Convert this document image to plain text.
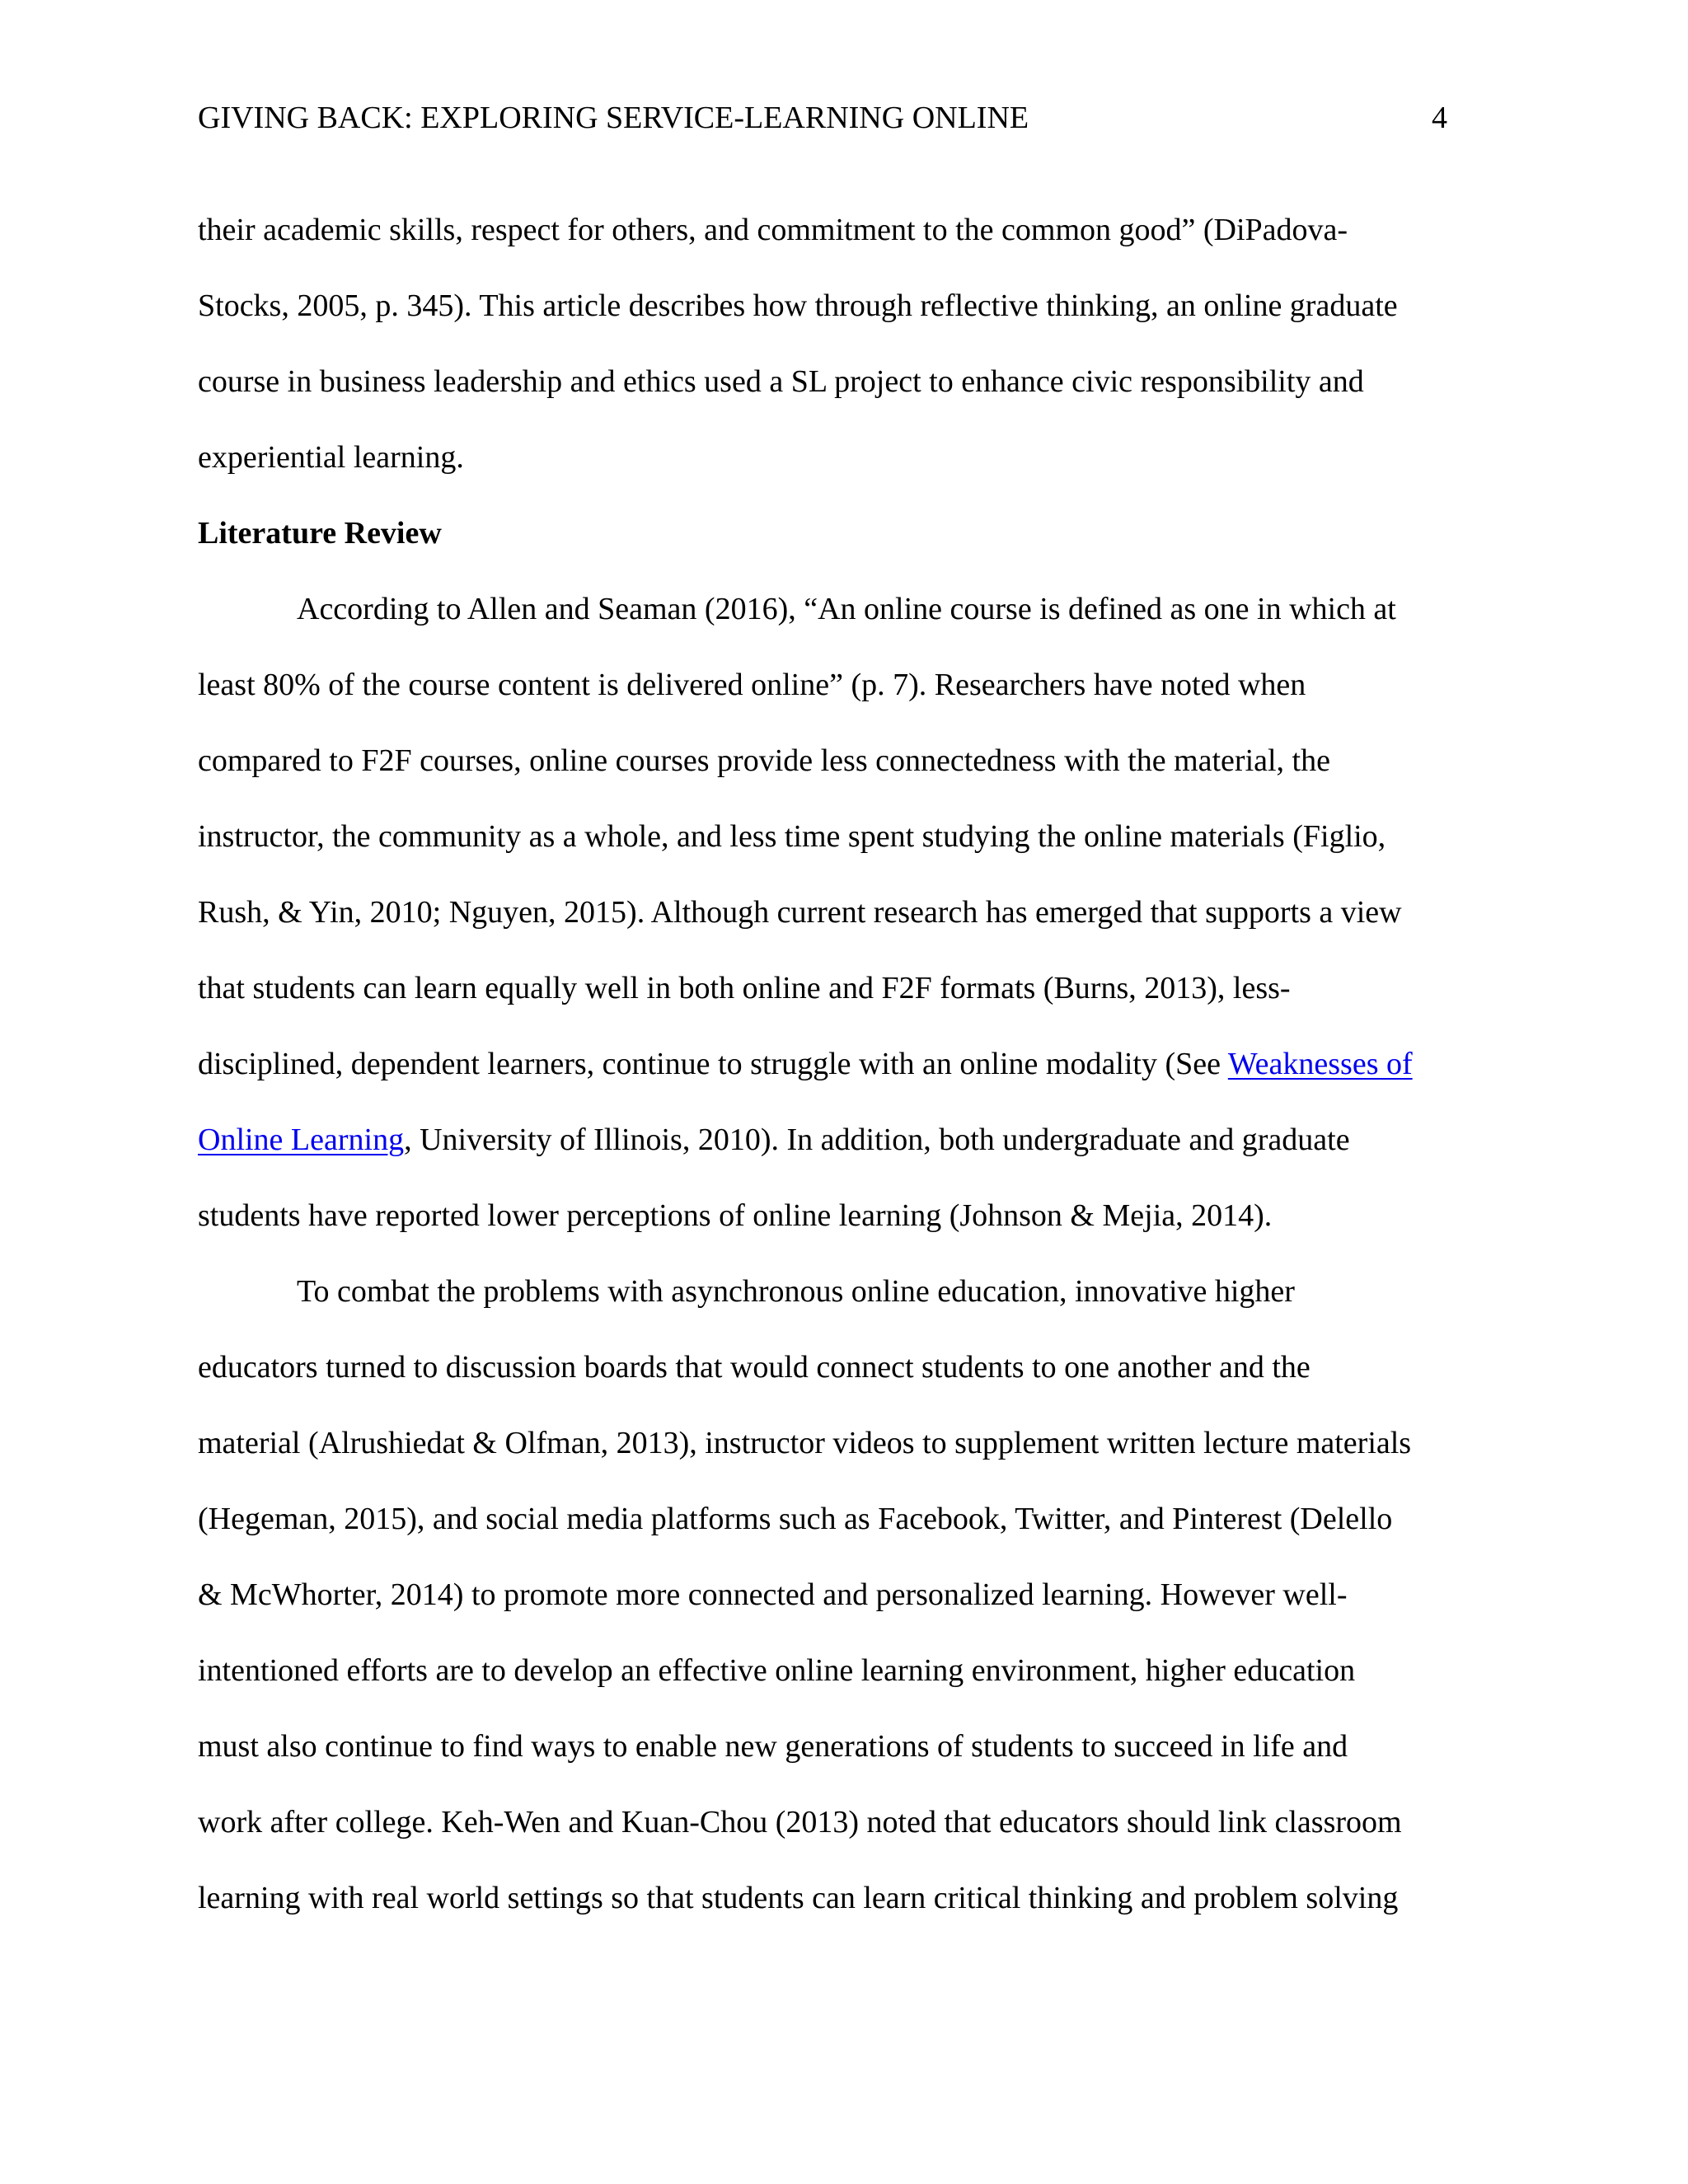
GIVING BACK: EXPLORING SERVICE-LEARNING ONLINE	4
their academic skills, respect for others, and commitment to the common good” (DiPadova-
Stocks, 2005, p. 345). This article describes how through reflective thinking, an online graduate
course in business leadership and ethics used a SL project to enhance civic responsibility and
experiential learning.
Literature Review
According to Allen and Seaman (2016), “An online course is defined as one in which at
least 80% of the course content is delivered online” (p. 7). Researchers have noted when
compared to F2F courses, online courses provide less connectedness with the material, the
instructor, the community as a whole, and less time spent studying the online materials (Figlio,
Rush, & Yin, 2010; Nguyen, 2015). Although current research has emerged that supports a view
that students can learn equally well in both online and F2F formats (Burns, 2013), less-
disciplined, dependent learners, continue to struggle with an online modality (See Weaknesses of
Online Learning, University of Illinois, 2010). In addition, both undergraduate and graduate
students have reported lower perceptions of online learning (Johnson & Mejia, 2014).
To combat the problems with asynchronous online education, innovative higher
educators turned to discussion boards that would connect students to one another and the
material (Alrushiedat & Olfman, 2013), instructor videos to supplement written lecture materials
(Hegeman, 2015), and social media platforms such as Facebook, Twitter, and Pinterest (Delello
& McWhorter, 2014) to promote more connected and personalized learning. However well-
intentioned efforts are to develop an effective online learning environment, higher education
must also continue to find ways to enable new generations of students to succeed in life and
work after college. Keh-Wen and Kuan-Chou (2013) noted that educators should link classroom
learning with real world settings so that students can learn critical thinking and problem solving
